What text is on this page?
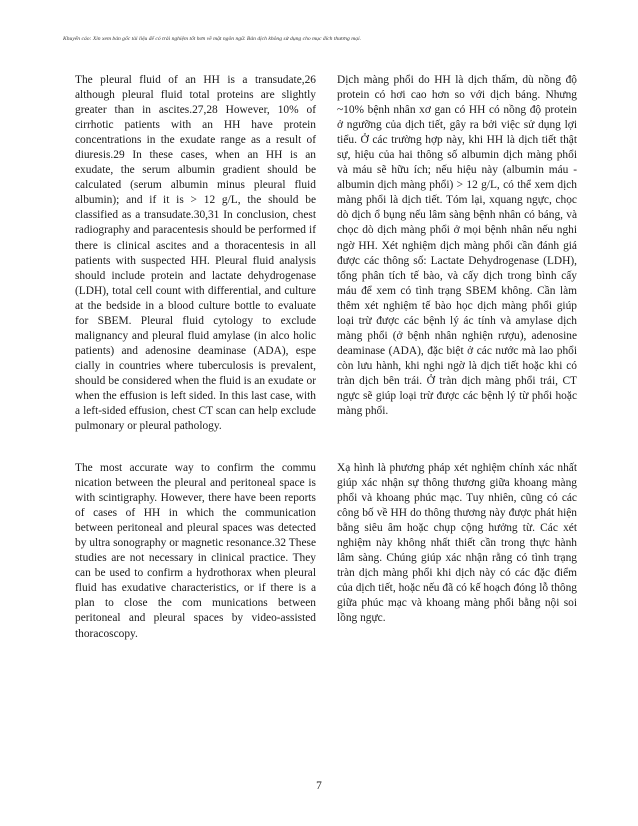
Khuyến cáo: Xin xem bản gốc tài liệu để có trải nghiệm tốt hơn về mặt ngôn ngữ. Bản dịch không sử dụng cho mục đích thương mại.

The pleural fluid of an HH is a transudate,26 although pleural fluid total proteins are slightly greater than in ascites.27,28 However, 10% of cirrhotic patients with an HH have protein concentrations in the exudate range as a result of diuresis.29 In these cases, when an HH is an exudate, the serum albumin gradient should be calculated (serum albumin minus pleural fluid albumin); and if it is > 12 g/L, the should be classified as a transudate.30,31 In conclusion, chest radiography and paracentesis should be performed if there is clinical ascites and a thoracentesis in all patients with suspected HH. Pleural fluid analysis should include protein and lactate dehydrogenase (LDH), total cell count with differential, and culture at the bedside in a blood culture bottle to evaluate for SBEM. Pleural fluid cytology to exclude malignancy and pleural fluid amylase (in alco holic patients) and adenosine deaminase (ADA), espe cially in countries where tuberculosis is prevalent, should be considered when the fluid is an exudate or when the effusion is left sided. In this last case, with a left-sided effusion, chest CT scan can help exclude pulmonary or pleural pathology.

Dịch màng phổi do HH là dịch thấm, dù nồng độ protein có hơi cao hơn so với dịch báng. Nhưng ~10% bệnh nhân xơ gan có HH có nồng độ protein ở ngưỡng của dịch tiết, gây ra bởi việc sử dụng lợi tiểu. Ở các trường hợp này, khi HH là dịch tiết thật sự, hiệu của hai thông số albumin dịch màng phổi và máu sẽ hữu ích; nếu hiệu này (albumin máu - albumin dịch màng phổi) > 12 g/L, có thể xem dịch màng phổi là dịch tiết. Tóm lại, xquang ngực, chọc dò dịch ổ bụng nếu lâm sàng bệnh nhân có báng, và chọc dò dịch màng phổi ở mọi bệnh nhân nếu nghi ngờ HH. Xét nghiệm dịch màng phổi cần đánh giá được các thông số: Lactate Dehydrogenase (LDH), tổng phân tích tế bào, và cấy dịch trong bình cấy máu để xem có tình trạng SBEM không. Cần làm thêm xét nghiệm tế bào học dịch màng phổi giúp loại trừ được các bệnh lý ác tính và amylase dịch màng phổi (ở bệnh nhân nghiện rượu), adenosine deaminase (ADA), đặc biệt ở các nước mà lao phổi còn lưu hành, khi nghi ngờ là dịch tiết hoặc khi có tràn dịch bên trái. Ở tràn dịch màng phổi trái, CT ngực sẽ giúp loại trừ được các bệnh lý từ phổi hoặc màng phổi.

The most accurate way to confirm the commu nication between the pleural and peritoneal space is with scintigraphy. However, there have been reports of cases of HH in which the communication between peritoneal and pleural spaces was detected by ultra sonography or magnetic resonance.32 These studies are not necessary in clinical practice. They can be used to confirm a hydrothorax when pleural fluid has exudative characteristics, or if there is a plan to close the com munications between peritoneal and pleural spaces by video-assisted thoracoscopy.

Xạ hình là phương pháp xét nghiệm chính xác nhất giúp xác nhận sự thông thương giữa khoang màng phổi và khoang phúc mạc. Tuy nhiên, cũng có các công bố về HH do thông thương này được phát hiện bằng siêu âm hoặc chụp cộng hưởng từ. Các xét nghiệm này không nhất thiết cần trong thực hành lâm sàng. Chúng giúp xác nhận rằng có tình trạng tràn dịch màng phổi khi dịch này có các đặc điểm của dịch tiết, hoặc nếu đã có kế hoạch đóng lỗ thông giữa phúc mạc và khoang màng phổi bằng nội soi lồng ngực.

7
